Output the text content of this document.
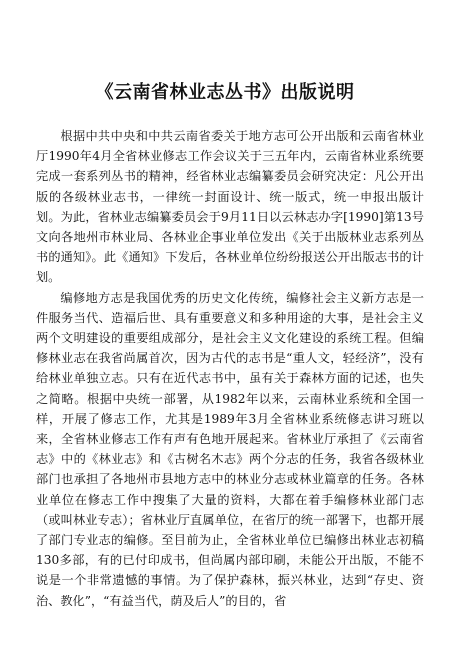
《云南省林业志丛书》出版说明

根据中共中央和中共云南省委关于地方志可公开出版和云南省林业厅1990年4月全省林业修志工作会议关于三五年内，云南省林业系统要完成一套系列丛书的精神，经省林业志编纂委员会研究决定：凡公开出版的各级林业志书，一律统一封面设计、统一版式，统一申报出版计划。为此，省林业志编纂委员会于9月11日以云林志办字[1990]第13号文向各地州市林业局、各林业企事业单位发出《关于出版林业志系列丛书的通知》。此《通知》下发后，各林业单位纷纷报送公开出版志书的计划。

编修地方志是我国优秀的历史文化传统，编修社会主义新方志是一件服务当代、造福后世、具有重要意义和多种用途的大事，是社会主义两个文明建设的重要组成部分，是社会主义文化建设的系统工程。但编修林业志在我省尚属首次，因为古代的志书是“重人文，轻经济”，没有给林业单独立志。只有在近代志书中，虽有关于森林方面的记述，也失之简略。根据中央统一部署，从1982年以来，云南林业系统和全国一样，开展了修志工作，尤其是1989年3月全省林业系统修志讲习班以来，全省林业修志工作有声有色地开展起来。省林业厅承担了《云南省志》中的《林业志》和《古树名木志》两个分志的任务，我省各级林业部门也承担了各地州市县地方志中的林业分志或林业篇章的任务。各林业单位在修志工作中搜集了大量的资料，大都在着手编修林业部门志（或叫林业专志）；省林业厅直属单位，在省厅的统一部署下，也都开展了部门专业志的编修。至目前为止，全省林业单位已编修出林业志初稿130多部，有的已付印成书，但尚属内部印刷，未能公开出版，不能不说是一个非常遗憾的事情。为了保护森林，振兴林业，达到“存史、资治、教化”，“有益当代，荫及后人”的目的，省
